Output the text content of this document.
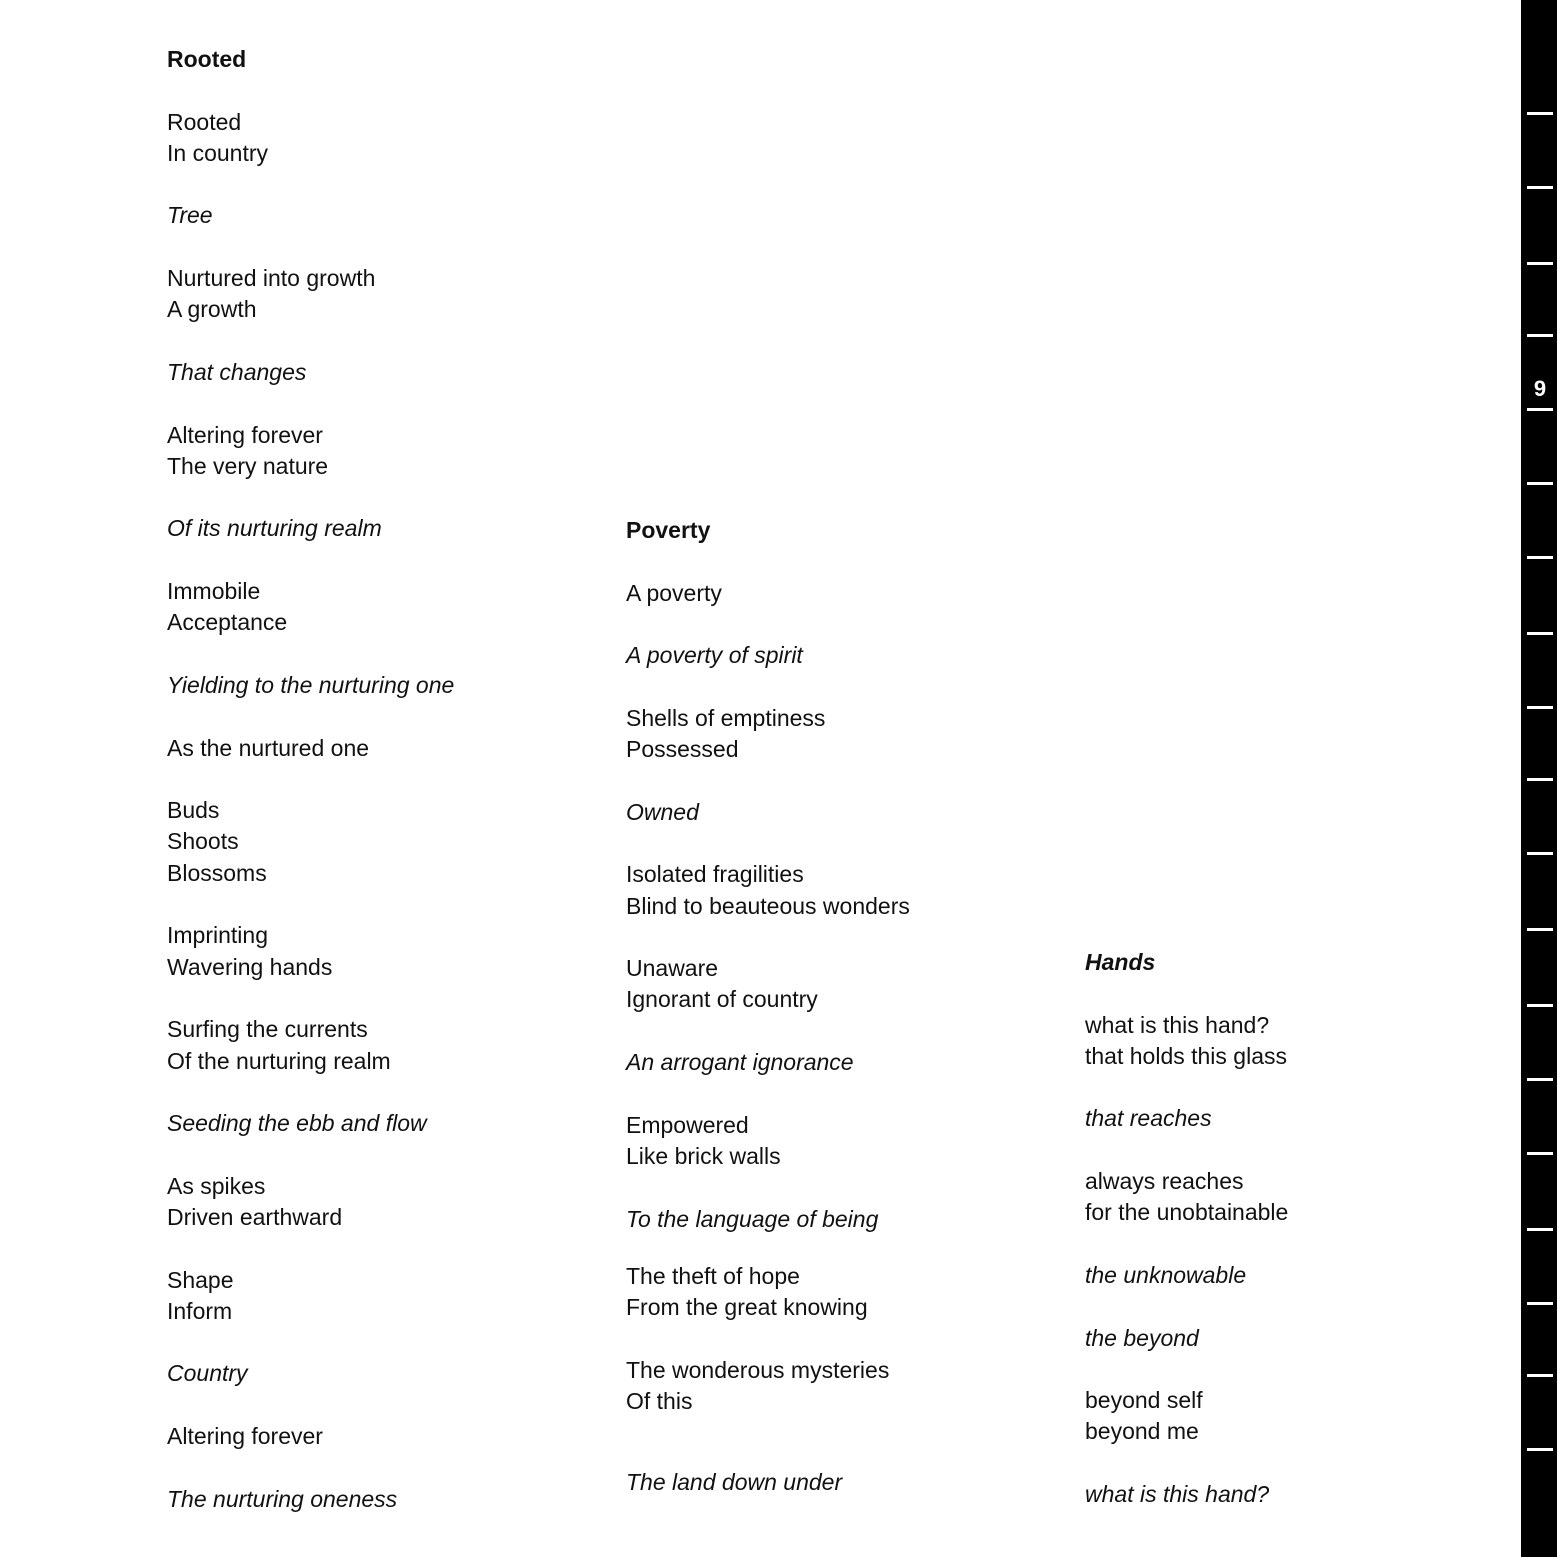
Rooted
Rooted
In country
Tree
Nurtured into growth
A growth
That changes
Altering forever
The very nature
Of its nurturing realm
Immobile
Acceptance
Yielding to the nurturing one
As the nurtured one
Buds
Shoots
Blossoms
Imprinting
Wavering hands
Surfing the currents
Of the nurturing realm
Seeding the ebb and flow
As spikes
Driven earthward
Shape
Inform
Country
Altering forever
The nurturing oneness
Poverty
A poverty
A poverty of spirit
Shells of emptiness
Possessed
Owned
Isolated fragilities
Blind to beauteous wonders
Unaware
Ignorant of country
An arrogant ignorance
Empowered
Like brick walls
To the language of being
The theft of hope
From the great knowing
The wonderous mysteries
Of this
The land down under
Hands
what is this hand?
that holds this glass
that reaches
always reaches
for the unobtainable
the unknowable
the beyond
beyond self
beyond me
what is this hand?
9
